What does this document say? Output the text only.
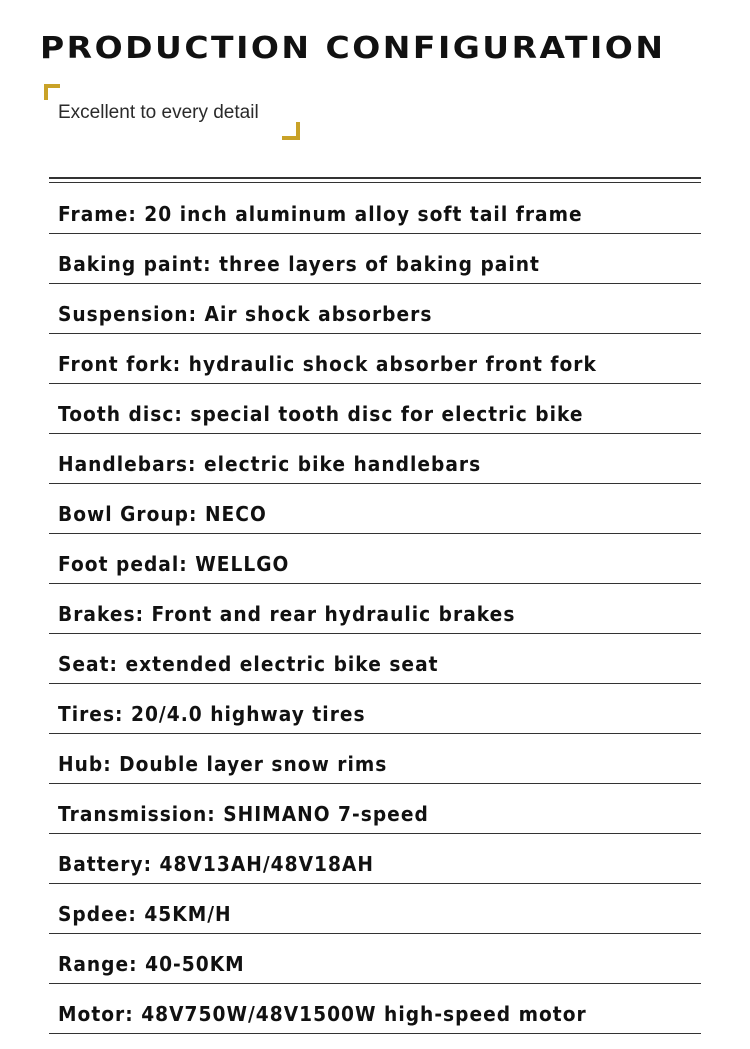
PRODUCTION CONFIGURATION
Excellent to every detail
Frame: 20 inch aluminum alloy soft tail frame
Baking paint: three layers of baking paint
Suspension: Air shock absorbers
Front fork: hydraulic shock absorber front fork
Tooth disc: special tooth disc for electric bike
Handlebars: electric bike handlebars
Bowl Group: NECO
Foot pedal: WELLGO
Brakes: Front and rear hydraulic brakes
Seat: extended electric bike seat
Tires: 20/4.0 highway tires
Hub: Double layer snow rims
Transmission: SHIMANO 7-speed
Battery: 48V13AH/48V18AH
Spdee: 45KM/H
Range: 40-50KM
Motor: 48V750W/48V1500W high-speed motor
